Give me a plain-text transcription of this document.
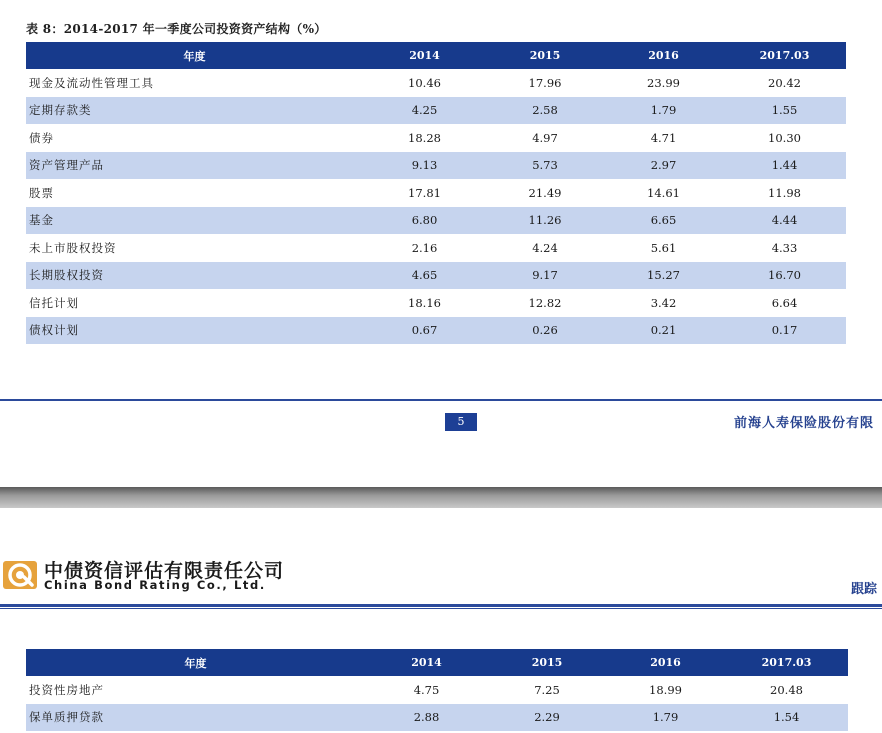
表 8：2014-2017 年一季度公司投资资产结构（%）
年度	2014	2015	2016	2017.03
现金及流动性管理工具	10.46	17.96	23.99	20.42
定期存款类	4.25	2.58	1.79	1.55
债券	18.28	4.97	4.71	10.30
资产管理产品	9.13	5.73	2.97	1.44
股票	17.81	21.49	14.61	11.98
基金	6.80	11.26	6.65	4.44
未上市股权投资	2.16	4.24	5.61	4.33
长期股权投资	4.65	9.17	15.27	16.70
信托计划	18.16	12.82	3.42	6.64
债权计划	0.67	0.26	0.21	0.17
5	前海人寿保险股份有限
中债资信评估有限责任公司
China Bond Rating Co., Ltd.	跟踪
年度	2014	2015	2016	2017.03
投资性房地产	4.75	7.25	18.99	20.48
保单质押贷款	2.88	2.29	1.79	1.54
